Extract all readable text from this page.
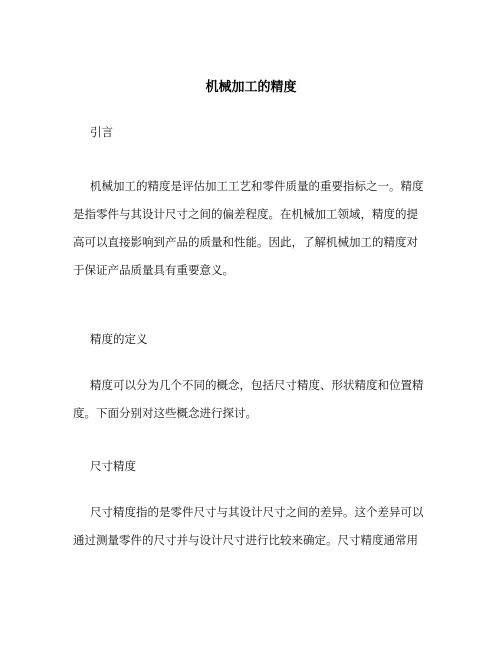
机械加工的精度
引言
机械加工的精度是评估加工工艺和零件质量的重要指标之一。精度
是指零件与其设计尺寸之间的偏差程度。在机械加工领域，精度的提
高可以直接影响到产品的质量和性能。因此，了解机械加工的精度对
于保证产品质量具有重要意义。
精度的定义
精度可以分为几个不同的概念，包括尺寸精度、形状精度和位置精
度。下面分别对这些概念进行探讨。
尺寸精度
尺寸精度指的是零件尺寸与其设计尺寸之间的差异。这个差异可以
通过测量零件的尺寸并与设计尺寸进行比较来确定。尺寸精度通常用
